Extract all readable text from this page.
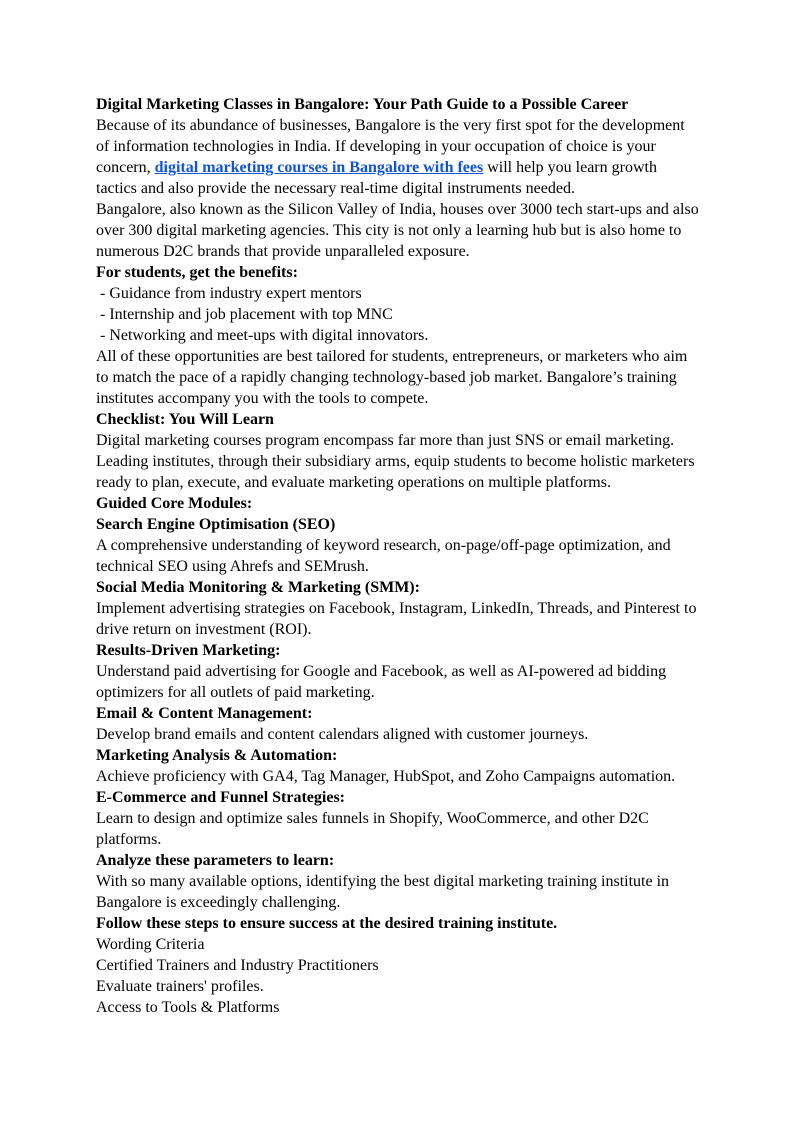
Digital Marketing Classes in Bangalore: Your Path Guide to a Possible Career

Because of its abundance of businesses, Bangalore is the very first spot for the development of information technologies in India. If developing in your occupation of choice is your concern, digital marketing courses in Bangalore with fees will help you learn growth tactics and also provide the necessary real-time digital instruments needed.

Bangalore, also known as the Silicon Valley of India, houses over 3000 tech start-ups and also over 300 digital marketing agencies. This city is not only a learning hub but is also home to numerous D2C brands that provide unparalleled exposure.

For students, get the benefits:

- Guidance from industry expert mentors

- Internship and job placement with top MNC

- Networking and meet-ups with digital innovators.

All of these opportunities are best tailored for students, entrepreneurs, or marketers who aim to match the pace of a rapidly changing technology-based job market. Bangalore’s training institutes accompany you with the tools to compete.

Checklist: You Will Learn

Digital marketing courses program encompass far more than just SNS or email marketing. Leading institutes, through their subsidiary arms, equip students to become holistic marketers ready to plan, execute, and evaluate marketing operations on multiple platforms.

Guided Core Modules:

Search Engine Optimisation (SEO)

A comprehensive understanding of keyword research, on-page/off-page optimization, and technical SEO using Ahrefs and SEMrush.

Social Media Monitoring & Marketing (SMM):

Implement advertising strategies on Facebook, Instagram, LinkedIn, Threads, and Pinterest to drive return on investment (ROI).

Results-Driven Marketing:

Understand paid advertising for Google and Facebook, as well as AI-powered ad bidding optimizers for all outlets of paid marketing.

Email & Content Management:

Develop brand emails and content calendars aligned with customer journeys.

Marketing Analysis & Automation:

Achieve proficiency with GA4, Tag Manager, HubSpot, and Zoho Campaigns automation.

E-Commerce and Funnel Strategies:

Learn to design and optimize sales funnels in Shopify, WooCommerce, and other D2C platforms.

Analyze these parameters to learn:

With so many available options, identifying the best digital marketing training institute in Bangalore is exceedingly challenging.

Follow these steps to ensure success at the desired training institute.

Wording Criteria

Certified Trainers and Industry Practitioners

Evaluate trainers' profiles.

Access to Tools & Platforms
